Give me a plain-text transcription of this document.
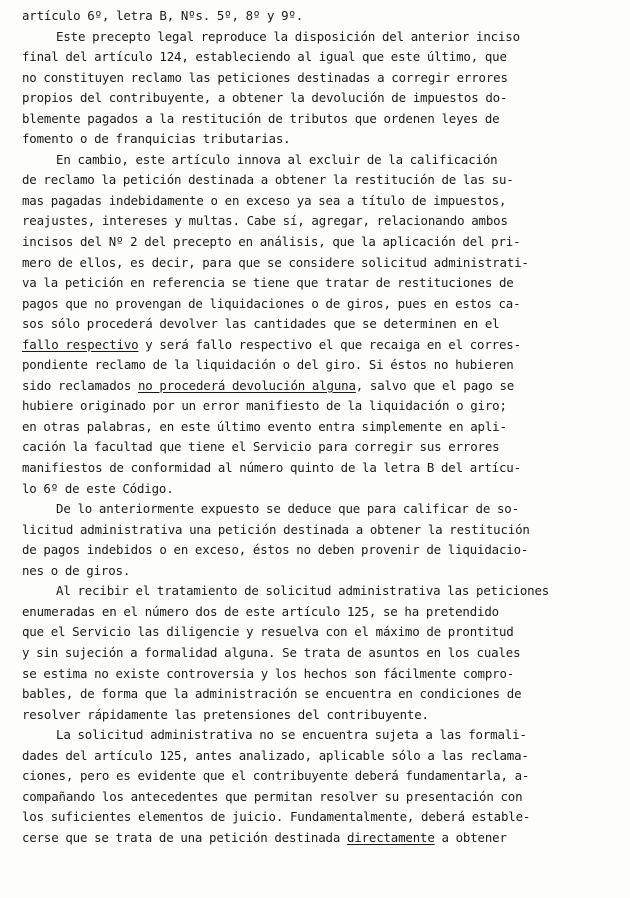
artículo 6º, letra B, Nºs. 5º, 8º y 9º.
Este precepto legal reproduce la disposición del anterior inciso
final del artículo 124, estableciendo al igual que este último, que
no constituyen reclamo las peticiones destinadas a corregir errores
propios del contribuyente, a obtener la devolución de impuestos do-
blemente pagados a la restitución de tributos que ordenen leyes de
fomento o de franquicias tributarias.
En cambio, este artículo innova al excluir de la calificación
de reclamo la petición destinada a obtener la restitución de las su-
mas pagadas indebidamente o en exceso ya sea a título de impuestos,
reajustes, intereses y multas. Cabe sí, agregar, relacionando ambos
incisos del Nº 2 del precepto en análisis, que la aplicación del pri-
mero de ellos, es decir, para que se considere solicitud administrati-
va la petición en referencia se tiene que tratar de restituciones de
pagos que no provengan de liquidaciones o de giros, pues en estos ca-
sos sólo procederá devolver las cantidades que se determinen en el
fallo respectivo y será fallo respectivo el que recaiga en el corres-
pondiente reclamo de la liquidación o del giro. Si éstos no hubieren
sido reclamados no procederá devolución alguna, salvo que el pago se
hubiere originado por un error manifiesto de la liquidación o giro;
en otras palabras, en este último evento entra simplemente en apli-
cación la facultad que tiene el Servicio para corregir sus errores
manifiestos de conformidad al número quinto de la letra B del artícu-
lo 6º de este Código.
De lo anteriormente expuesto se deduce que para calificar de so-
licitud administrativa una petición destinada a obtener la restitución
de pagos indebidos o en exceso, éstos no deben provenir de liquidacio-
nes o de giros.
Al recibir el tratamiento de solicitud administrativa las peticiones
enumeradas en el número dos de este artículo 125, se ha pretendido
que el Servicio las diligencie y resuelva con el máximo de prontitud
y sin sujeción a formalidad alguna. Se trata de asuntos en los cuales
se estima no existe controversia y los hechos son fácilmente compro-
bables, de forma que la administración se encuentra en condiciones de
resolver rápidamente las pretensiones del contribuyente.
La solicitud administrativa no se encuentra sujeta a las formali-
dades del artículo 125, antes analizado, aplicable sólo a las reclama-
ciones, pero es evidente que el contribuyente deberá fundamentarla, a-
compañando los antecedentes que permitan resolver su presentación con
los suficientes elementos de juicio. Fundamentalmente, deberá estable-
cerse que se trata de una petición destinada directamente a obtener
